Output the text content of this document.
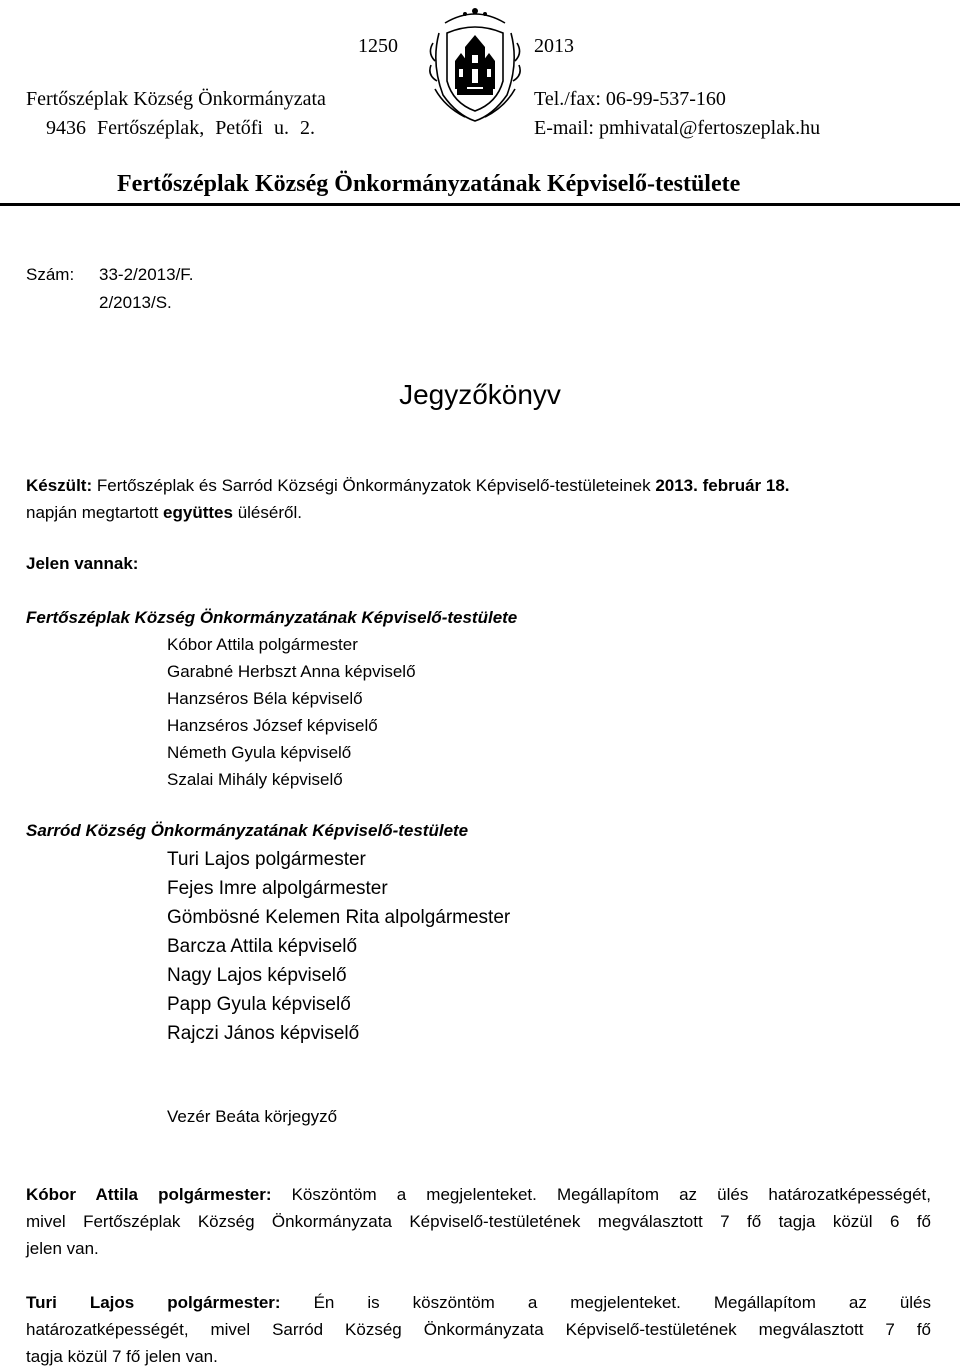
1250	2013
Fertőszéplak Község Önkormányzata
9436 Fertőszéplak, Petőfi u. 2.
Tel./fax: 06-99-537-160
E-mail: pmhivatal@fertoszeplak.hu
Fertőszéplak Község Önkormányzatának Képviselő-testülete
Szám: 33-2/2013/F.
2/2013/S.
Jegyzőkönyv
Készült: Fertőszéplak és Sarród Községi Önkormányzatok Képviselő-testületeinek 2013. február 18.
napján megtartott együttes üléséről.
Jelen vannak:
Fertőszéplak Község Önkormányzatának Képviselő-testülete
Kóbor Attila polgármester
Garabné Herbszt Anna képviselő
Hanzséros Béla képviselő
Hanzséros József képviselő
Németh Gyula képviselő
Szalai Mihály képviselő
Sarród Község Önkormányzatának Képviselő-testülete
Turi Lajos polgármester
Fejes Imre alpolgármester
Gömbösné Kelemen Rita alpolgármester
Barcza Attila képviselő
Nagy Lajos képviselő
Papp Gyula képviselő
Rajczi János képviselő
Vezér Beáta körjegyző
Kóbor Attila polgármester: Köszöntöm a megjelenteket. Megállapítom az ülés határozatképességét,
mivel Fertőszéplak Község Önkormányzata Képviselő-testületének megválasztott 7 fő tagja közül 6 fő
jelen van.
Turi Lajos polgármester: Én is köszöntöm a megjelenteket. Megállapítom az ülés
határozatképességét, mivel Sarród Község Önkormányzata Képviselő-testületének megválasztott 7 fő
tagja közül 7 fő jelen van.
